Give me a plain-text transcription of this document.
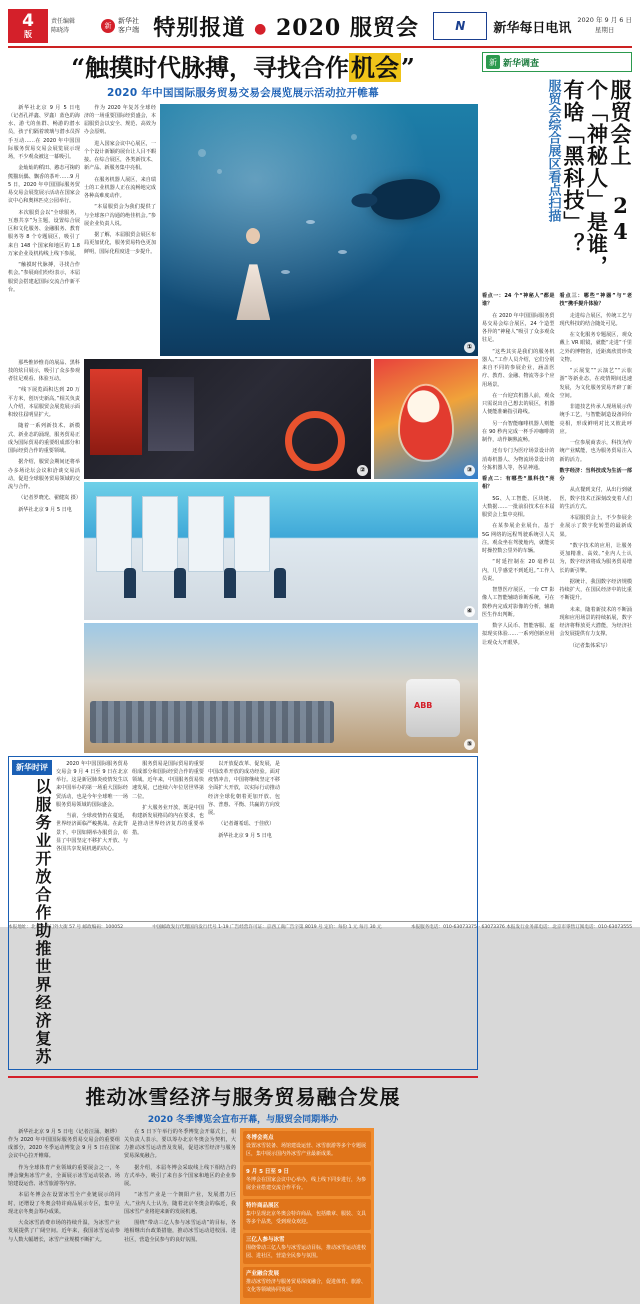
4
版
责任编辑
陈晓涛
新
新华社
客户端 特别报道 ● 2020 服贸会	N 新华每日电讯
2020 年 9 月 6 日
星期日
“触摸时代脉搏，寻找合作机会”
2020 年中国国际服务贸易交易会展览展示活动拉开帷幕

新华社北京 9 月 5 日电（记者孔祥鑫、罗鑫）蓝色的海水、游弋的鱼群、畅游的潜水员，孩子们隔着玻璃与潜水员挥手互动……在 2020 年中国国际服务贸易交易会展览展示现场，不少观众被这一幕吸引。

金灿灿的稻田、憨态可掬的熊猫玩偶、飘香的茶叶……9 月 5 日，2020 年中国国际服务贸易交易会展览展示活动在国家会议中心和奥林匹克公园举行。

本次服贸会以“全球服务，互惠共享”为主题，设置综合展区和文化服务、金融服务、教育服务等 8 个专题展区，吸引了来自 148 个国家和地区的 1.8 万家企业及机构线上线下参展。

“触摸时代脉搏，寻找合作机会。”参展商们纷纷表示，本届服贸会搭建起国际交流合作新平台。

作为 2020 年复苏全球经济的一场重要国际经贸盛会，本届服贸会以安全、规范、高效为办会原则。

进入国家会议中心展区，一个个设计新颖的展台让人目不暇接。在综合展区，各类新技术、新产品、新服务集中亮相。

在服务机器人展区，来自瑞士的工业机器人正在流畅地完成各种高难度动作。

“本届服贸会为我们提供了与全球客户沟通的绝佳机会。”参展企业负责人说。

据了解，本届服贸会展区布局更加优化，服务贸易特色更加鲜明，国际化程度进一步提升。

①

那些惟妙惟肖的展品、黑科技的炫目展示，吸引了众多参观者驻足观看、体验互动。

“线下展览面积达到 20 万平方米，创历史新高。”相关负责人介绍，本届服贸会展览展示面积较往届明显扩大。

随着一系列新技术、新模式、新业态的涌现，服务贸易正成为国际贸易的重要组成部分和国际经贸合作的重要领域。

据介绍，服贸会期间还将举办多场论坛会议和洽谈交易活动，促进全球服务贸易领域的交流与合作。

（记者罗晓光、翟健岚 摄）

新华社北京 9 月 5 日电

②	③
④
ABB
⑤
新华时评
以服务业开放合作助推世界经济复苏

2020 年中国国际服务贸易交易会 9 月 4 日至 9 日在北京举行。这是新冠肺炎疫情发生以来中国举办的第一场重大国际经贸活动，也是今年全球唯一一场服务贸易领域的国际盛会。

当前，全球疫情仍在蔓延，世界经济面临严峻挑战。在此背景下，中国如期举办服贸会，彰显了中国坚定不移扩大开放、与各国共享发展机遇的决心。

服务贸易是国际贸易的重要组成部分和国际经贸合作的重要领域。近年来，中国服务贸易快速发展，已连续六年位居世界第二位。

扩大服务业开放，既是中国构建新发展格局的内在要求，也是推动世界经济复苏的重要举措。

以开放促改革、促发展，是中国改革开放的成功经验。面对疫情冲击，中国将继续坚定不移全面扩大开放，以实际行动推动经济全球化朝着更加开放、包容、普惠、平衡、共赢的方向发展。

（记者谢希瑶、于佳欣）

新华社北京 9 月 5 日电

推动冰雪经济与服务贸易融合发展
2020 冬季博览会宣布开幕，与服贸会同期举办

新华社北京 9 月 5 日电（记者汪涌、姬烨）作为 2020 年中国国际服务贸易交易会的重要组成部分，2020 冬季运动博览会 9 月 5 日在国家会议中心拉开帷幕。

作为全球体育产业领域的重要展会之一，冬博会聚焦冰雪产业，全面展示冰雪运动装备、场馆建设运营、冰雪旅游等内容。

本届冬博会在设置冰雪全产业链展示的同时，还增设了冬奥会特许商品展示专区，集中呈现北京冬奥会筹办成果。

大众冰雪消费市场的持续升温，为冰雪产业发展提供了广阔空间。近年来，我国冰雪运动参与人数大幅增长，冰雪产业规模不断扩大。

在 5 日下午举行的冬季博览会开幕式上，相关负责人表示，要以筹办北京冬奥会为契机，大力推动冰雪运动普及发展，促进冰雪经济与服务贸易深度融合。

据介绍，本届冬博会采取线上线下相结合的方式举办，吸引了来自多个国家和地区的企业参展。

“冰雪产业是一个朝阳产业，发展潜力巨大。”业内人士认为，随着北京冬奥会的临近，我国冰雪产业将迎来新的发展机遇。

围绕“带动三亿人参与冰雪运动”的目标，各地相继出台政策措施，推动冰雪运动进校园、进社区，营造全民参与的良好氛围。

冬博会亮点
设置冰雪装备、场馆建设运营、冰雪旅游等多个专题展区，集中展示国内外冰雪产业最新成果。
9 月 5 日至 9 日
冬博会在国家会议中心举办，线上线下同步进行，为参展企业搭建交流合作平台。
特许商品展区
集中呈现北京冬奥会特许商品，包括徽章、服装、文具等多个品类，受到观众欢迎。
三亿人参与冰雪
围绕带动三亿人参与冰雪运动目标，推动冰雪运动进校园、进社区，营造全民参与氛围。
产业融合发展
推动冰雪经济与服务贸易深度融合，促进体育、旅游、文化等领域协同发展。
新 新华调查
服贸会上 24 个「神秘人」是谁，有啥「黑科技」？
服贸会综合展区看点扫描

看点一：24 个“神秘人”都是谁？

在 2020 年中国国际服务贸易交易会综合展区，24 个造型各异的“神秘人”吸引了众多观众驻足。

“这些其实是我们的服务机器人。”工作人员介绍，它们分别来自不同的参展企业，涵盖医疗、教育、金融、物流等多个应用场景。

在一台迎宾机器人前，观众只需说出自己想去的展区，机器人便能准确指引路线。

另一台智能咖啡机器人则能在 90 秒内完成一杯手冲咖啡的制作，动作娴熟流畅。

还有专门为医疗场景设计的消毒机器人、为物流场景设计的分拣机器人等，各显神通。

看点二：有哪些“黑科技”亮相？

5G、人工智能、区块链、大数据……一批前沿技术在本届服贸会上集中亮相。

在某参展企业展台，基于 5G 网络的远程驾驶系统引人关注。观众坐在驾驶舱内，就能实时操控数公里外的车辆。

“时延控制在 20 毫秒以内，几乎感觉不到延迟。”工作人员说。

智慧医疗展区，一台 CT 影像人工智能辅助诊断系统，可在数秒内完成对影像的分析，辅助医生作出判断。

数字人民币、智能客服、虚拟现实体验……一系列创新应用让观众大开眼界。

看点三：哪些“神器”与“老技”携手提升体验？

走进综合展区，传统工艺与现代科技的结合随处可见。

在文化服务专题展区，观众戴上 VR 眼镜，就能“走进”千里之外的博物馆，近距离欣赏珍贵文物。

“云展览”“云演艺”“云旅游”等新业态，在疫情期间迅速发展，为文化服务贸易开辟了新空间。

非遗技艺传承人现场展示传统手工艺，与智能制造设备同台亮相，形成鲜明对比又彼此呼应。

一位参展商表示，科技为传统产业赋能，也为服务贸易注入新的活力。

数字经济：当科技成为生活一部分

从点餐到支付，从出行到就医，数字技术正深刻改变着人们的生活方式。

本届服贸会上，不少参展企业展示了数字化转型的最新成果。

“数字技术的应用，让服务更加精准、高效。”业内人士认为，数字经济将成为服务贸易增长的新引擎。

据统计，我国数字经济规模持续扩大，在国民经济中的比重不断提升。

未来，随着新技术的不断涌现和应用场景的持续拓展，数字经济将释放更大潜能，为经济社会发展提供有力支撑。

（记者集体采写）

本报地址：北京宣武门外大街 57 号 邮政编码：100052	中国邮政发行代理国内发行代号 1-19 广告经营许可证：京西工商广告字第 8019 号 定价：每份 1 元 每月 30 元	本报服务电话：010-63073375 - 63073376 本报发行业务部电话：北京市零售订阅电话：010-63073555
